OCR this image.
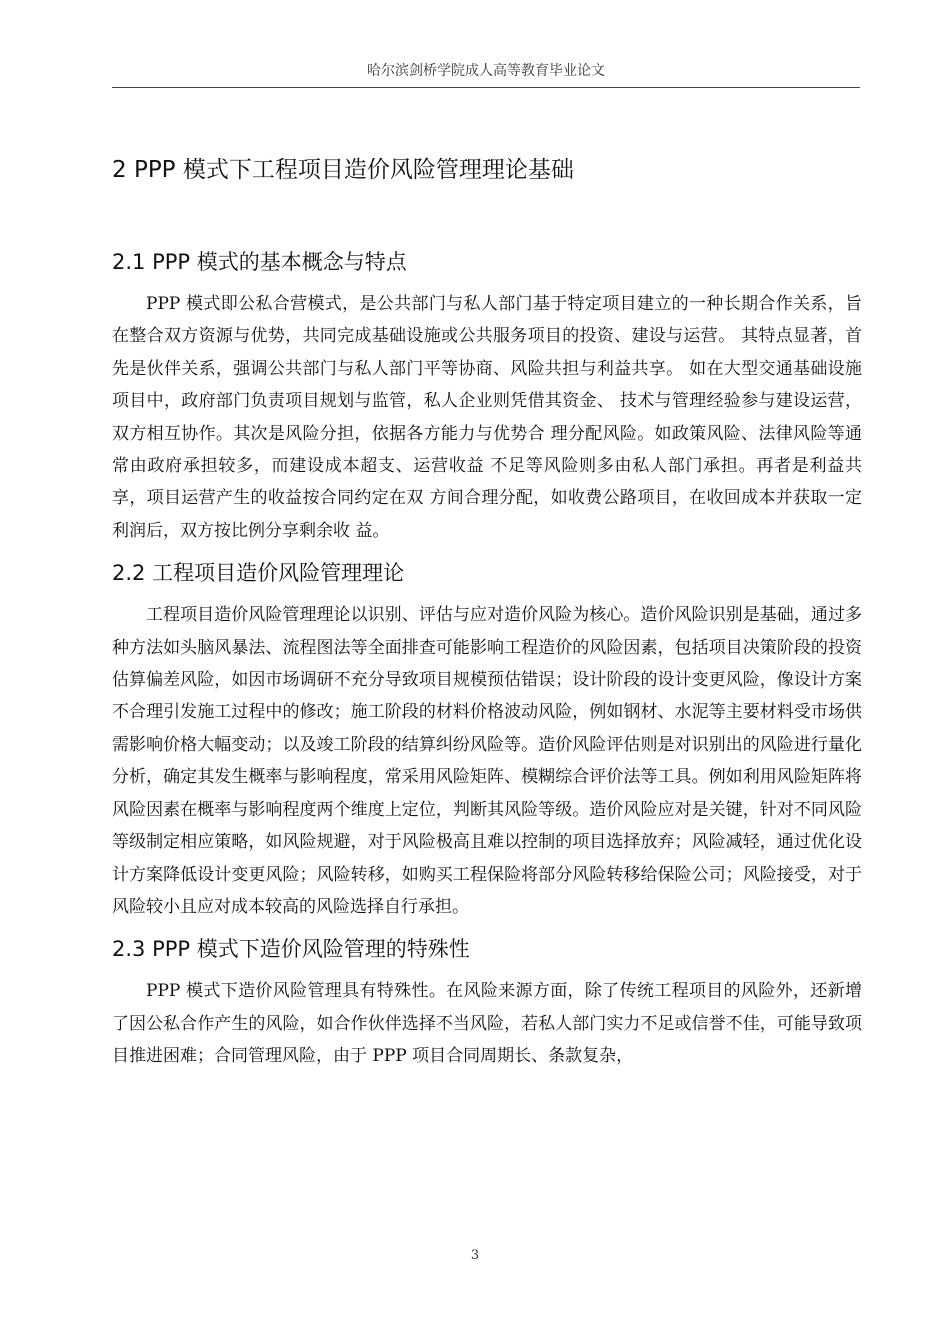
哈尔滨剑桥学院成人高等教育毕业论文
2 PPP 模式下工程项目造价风险管理理论基础
2.1 PPP 模式的基本概念与特点

PPP 模式即公私合营模式，是公共部门与私人部门基于特定项目建立的一种长期合作关系，旨在整合双方资源与优势，共同完成基础设施或公共服务项目的投资、建设与运营。 其特点显著，首先是伙伴关系，强调公共部门与私人部门平等协商、风险共担与利益共享。 如在大型交通基础设施项目中，政府部门负责项目规划与监管，私人企业则凭借其资金、 技术与管理经验参与建设运营，双方相互协作。其次是风险分担，依据各方能力与优势合 理分配风险。如政策风险、法律风险等通常由政府承担较多，而建设成本超支、运营收益 不足等风险则多由私人部门承担。再者是利益共享，项目运营产生的收益按合同约定在双 方间合理分配，如收费公路项目，在收回成本并获取一定利润后，双方按比例分享剩余收 益。

2.2 工程项目造价风险管理理论

工程项目造价风险管理理论以识别、评估与应对造价风险为核心。造价风险识别是基础，通过多种方法如头脑风暴法、流程图法等全面排查可能影响工程造价的风险因素，包括项目决策阶段的投资估算偏差风险，如因市场调研不充分导致项目规模预估错误；设计阶段的设计变更风险，像设计方案不合理引发施工过程中的修改；施工阶段的材料价格波动风险，例如钢材、水泥等主要材料受市场供需影响价格大幅变动；以及竣工阶段的结算纠纷风险等。造价风险评估则是对识别出的风险进行量化分析，确定其发生概率与影响程度，常采用风险矩阵、模糊综合评价法等工具。例如利用风险矩阵将风险因素在概率与影响程度两个维度上定位，判断其风险等级。造价风险应对是关键，针对不同风险等级制定相应策略，如风险规避，对于风险极高且难以控制的项目选择放弃；风险减轻，通过优化设计方案降低设计变更风险；风险转移，如购买工程保险将部分风险转移给保险公司；风险接受，对于风险较小且应对成本较高的风险选择自行承担。

2.3 PPP 模式下造价风险管理的特殊性

PPP 模式下造价风险管理具有特殊性。在风险来源方面，除了传统工程项目的风险外，还新增了因公私合作产生的风险，如合作伙伴选择不当风险，若私人部门实力不足或信誉不佳，可能导致项目推进困难；合同管理风险，由于 PPP 项目合同周期长、条款复杂，

3
